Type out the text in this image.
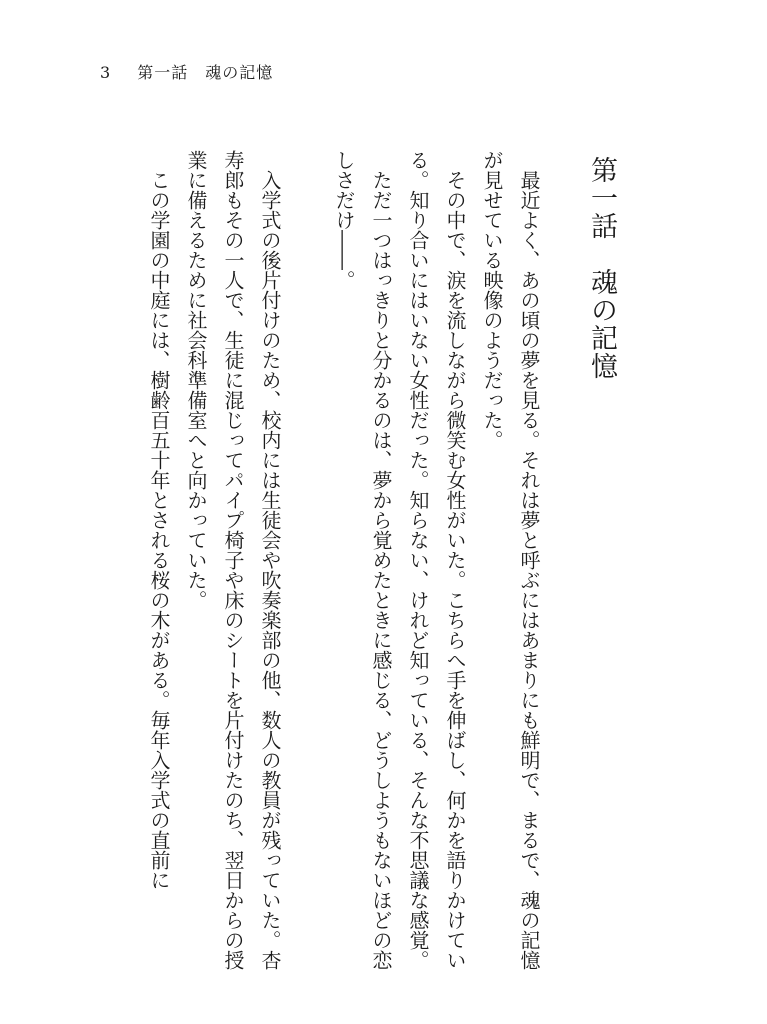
3 第一話　魂の記憶
第一話　魂の記憶

最近よく、あの頃の夢を見る。それは夢と呼ぶにはあまりにも鮮明で、まるで、魂の記憶が見せている映像のようだった。

その中で、涙を流しながら微笑む女性がいた。こちらへ手を伸ばし、何かを語りかけている。知り合いにはいない女性だった。知らない、けれど知っている、そんな不思議な感覚。

ただ一つはっきりと分かるのは、夢から覚めたときに感じる、どうしようもないほどの恋しさだけ――。

入学式の後片付けのため、校内には生徒会や吹奏楽部の他、数人の教員が残っていた。杏寿郎もその一人で、生徒に混じってパイプ椅子や床のシートを片付けたのち、翌日からの授業に備えるために社会科準備室へと向かっていた。

この学園の中庭には、樹齢百五十年とされる桜の木がある。毎年入学式の直前に
